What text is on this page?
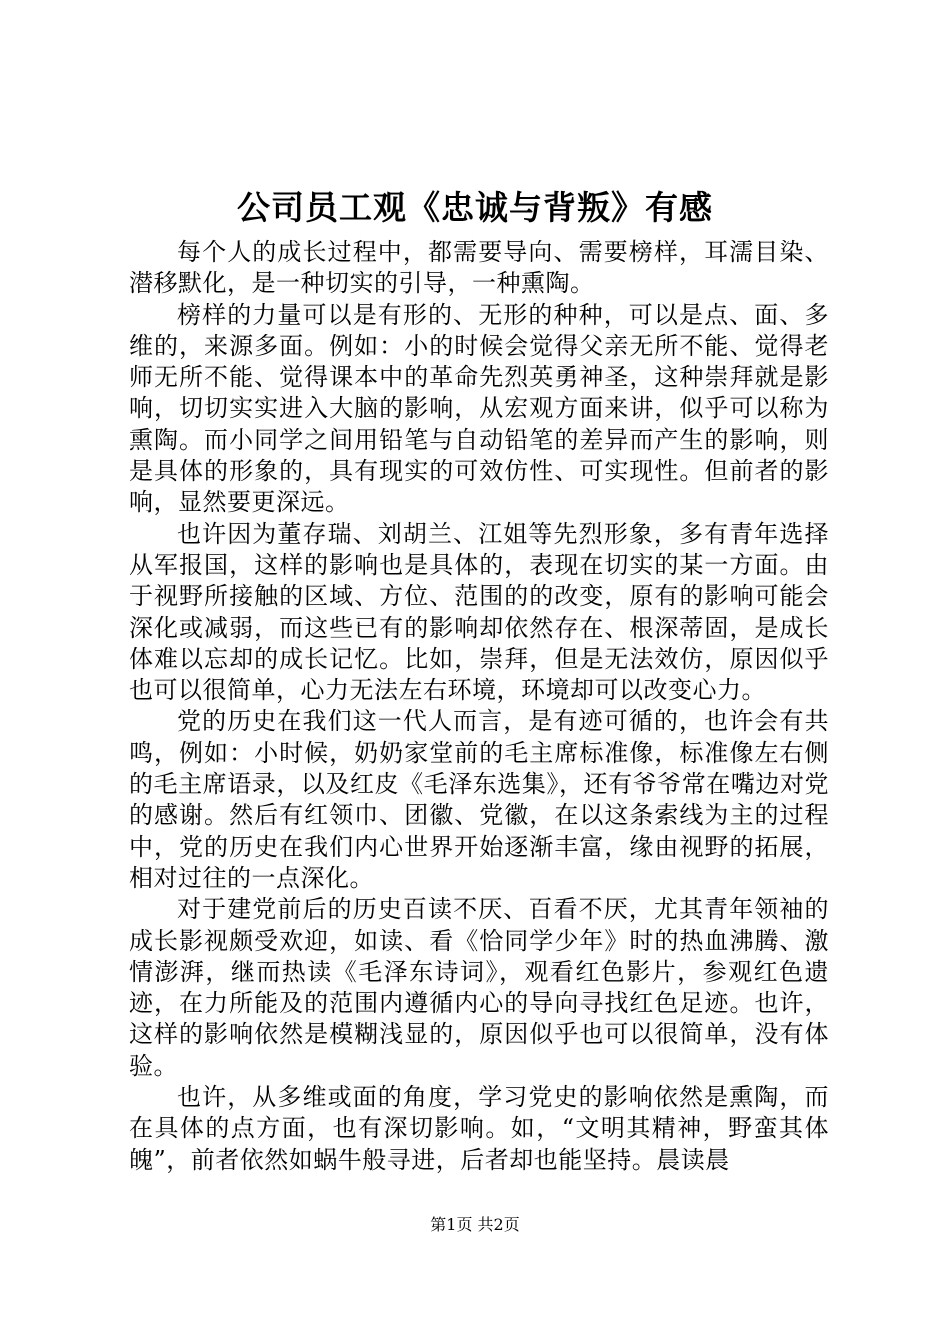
公司员工观《忠诚与背叛》有感

每个人的成长过程中，都需要导向、需要榜样，耳濡目染、潜移默化，是一种切实的引导，一种熏陶。

榜样的力量可以是有形的、无形的种种，可以是点、面、多维的，来源多面。例如：小的时候会觉得父亲无所不能、觉得老师无所不能、觉得课本中的革命先烈英勇神圣，这种崇拜就是影响，切切实实进入大脑的影响，从宏观方面来讲，似乎可以称为熏陶。而小同学之间用铅笔与自动铅笔的差异而产生的影响，则是具体的形象的，具有现实的可效仿性、可实现性。但前者的影响，显然要更深远。

也许因为董存瑞、刘胡兰、江姐等先烈形象，多有青年选择从军报国，这样的影响也是具体的，表现在切实的某一方面。由于视野所接触的区域、方位、范围的的改变，原有的影响可能会深化或减弱，而这些已有的影响却依然存在、根深蒂固，是成长体难以忘却的成长记忆。比如，崇拜，但是无法效仿，原因似乎也可以很简单，心力无法左右环境，环境却可以改变心力。

党的历史在我们这一代人而言，是有迹可循的，也许会有共鸣，例如：小时候，奶奶家堂前的毛主席标准像，标准像左右侧的毛主席语录，以及红皮《毛泽东选集》，还有爷爷常在嘴边对党的感谢。然后有红领巾、团徽、党徽，在以这条索线为主的过程中，党的历史在我们内心世界开始逐渐丰富，缘由视野的拓展，相对过往的一点深化。

对于建党前后的历史百读不厌、百看不厌，尤其青年领袖的成长影视颇受欢迎，如读、看《恰同学少年》时的热血沸腾、激情澎湃，继而热读《毛泽东诗词》，观看红色影片，参观红色遗迹，在力所能及的范围内遵循内心的导向寻找红色足迹。也许，这样的影响依然是模糊浅显的，原因似乎也可以很简单，没有体验。

也许，从多维或面的角度，学习党史的影响依然是熏陶，而在具体的点方面，也有深切影响。如，“文明其精神，野蛮其体魄”，前者依然如蜗牛般寻进，后者却也能坚持。晨读晨

第1页 共2页
